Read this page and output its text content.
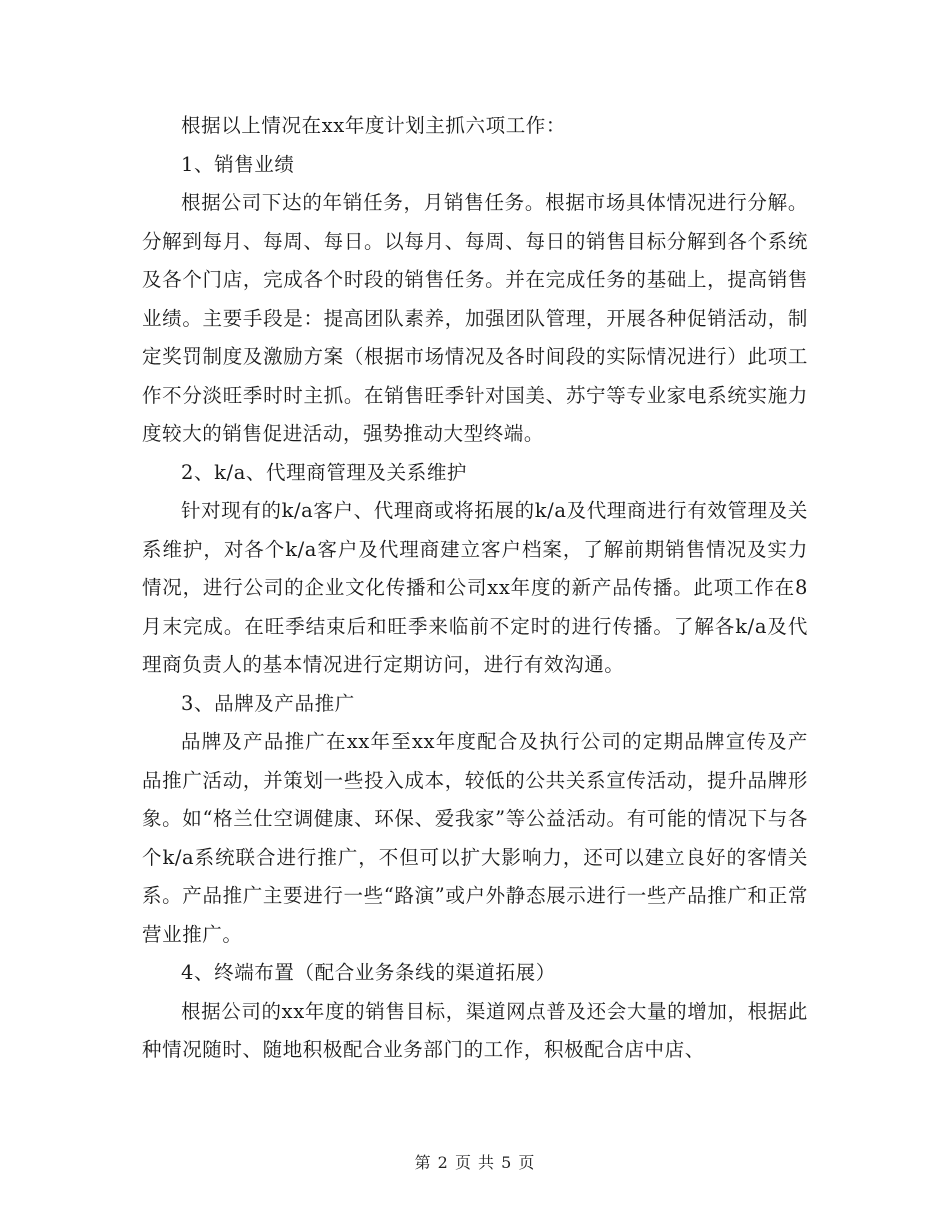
根据以上情况在xx年度计划主抓六项工作：

1、销售业绩

根据公司下达的年销任务，月销售任务。根据市场具体情况进行分解。分解到每月、每周、每日。以每月、每周、每日的销售目标分解到各个系统及各个门店，完成各个时段的销售任务。并在完成任务的基础上，提高销售业绩。主要手段是：提高团队素养，加强团队管理，开展各种促销活动，制定奖罚制度及激励方案（根据市场情况及各时间段的实际情况进行）此项工作不分淡旺季时时主抓。在销售旺季针对国美、苏宁等专业家电系统实施力度较大的销售促进活动，强势推动大型终端。

2、k/a、代理商管理及关系维护

针对现有的k/a客户、代理商或将拓展的k/a及代理商进行有效管理及关系维护，对各个k/a客户及代理商建立客户档案，了解前期销售情况及实力情况，进行公司的企业文化传播和公司xx年度的新产品传播。此项工作在8月末完成。在旺季结束后和旺季来临前不定时的进行传播。了解各k/a及代理商负责人的基本情况进行定期访问，进行有效沟通。

3、品牌及产品推广

品牌及产品推广在xx年至xx年度配合及执行公司的定期品牌宣传及产品推广活动，并策划一些投入成本，较低的公共关系宣传活动，提升品牌形象。如“格兰仕空调健康、环保、爱我家”等公益活动。有可能的情况下与各个k/a系统联合进行推广，不但可以扩大影响力，还可以建立良好的客情关系。产品推广主要进行一些“路演”或户外静态展示进行一些产品推广和正常营业推广。

4、终端布置（配合业务条线的渠道拓展）

根据公司的xx年度的销售目标，渠道网点普及还会大量的增加，根据此种情况随时、随地积极配合业务部门的工作，积极配合店中店、

第 2 页 共 5 页
